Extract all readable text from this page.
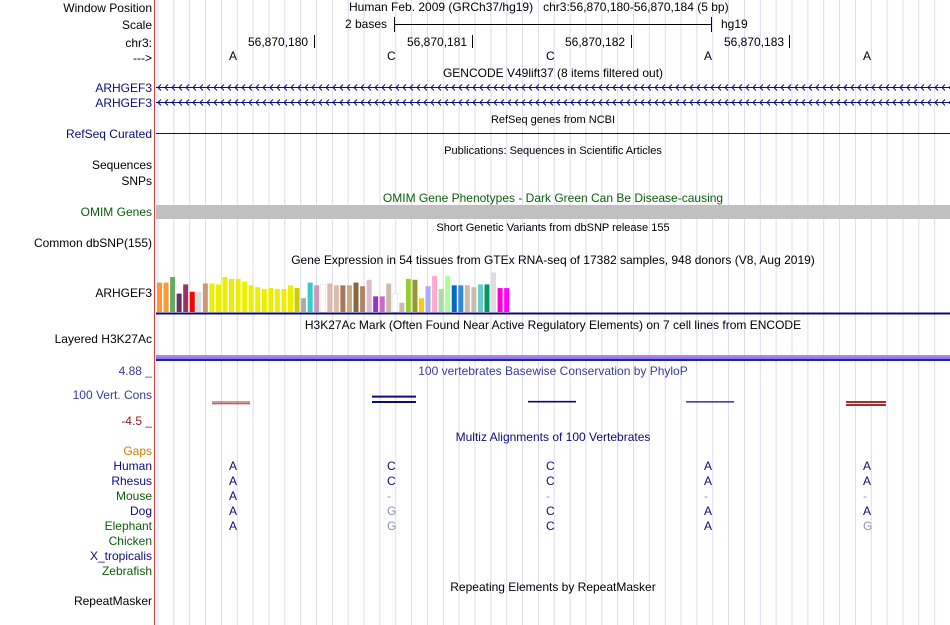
Window Position
Scale
chr3:
--->
Human Feb. 2009 (GRCh37/hg19)   chr3:56,870,180-56,870,184 (5 bp)
2 bases	hg19
56,870,180	56,870,181	56,870,182	56,870,183
A	C	C	A	A
GENCODE V49lift37 (8 items filtered out)
ARHGEF3
ARHGEF3
RefSeq genes from NCBI
RefSeq Curated
Publications: Sequences in Scientific Articles
Sequences
SNPs
OMIM Gene Phenotypes - Dark Green Can Be Disease-causing
OMIM Genes
Short Genetic Variants from dbSNP release 155
Common dbSNP(155)
Gene Expression in 54 tissues from GTEx RNA-seq of 17382 samples, 948 donors (V8, Aug 2019)
ARHGEF3
H3K27Ac Mark (Often Found Near Active Regulatory Elements) on 7 cell lines from ENCODE
Layered H3K27Ac
4.88 _	100 vertebrates Basewise Conservation by PhyloP
100 Vert. Cons
-4.5 _
Multiz Alignments of 100 Vertebrates
Gaps
Human	A	C	C	A	A
Rhesus	A	C	C	A	A
Mouse	A	-	-	-	-
Dog	A	G	C	A	A
Elephant	A	G	C	A	G
Chicken
X_tropicalis
Zebrafish
Repeating Elements by RepeatMasker
RepeatMasker
